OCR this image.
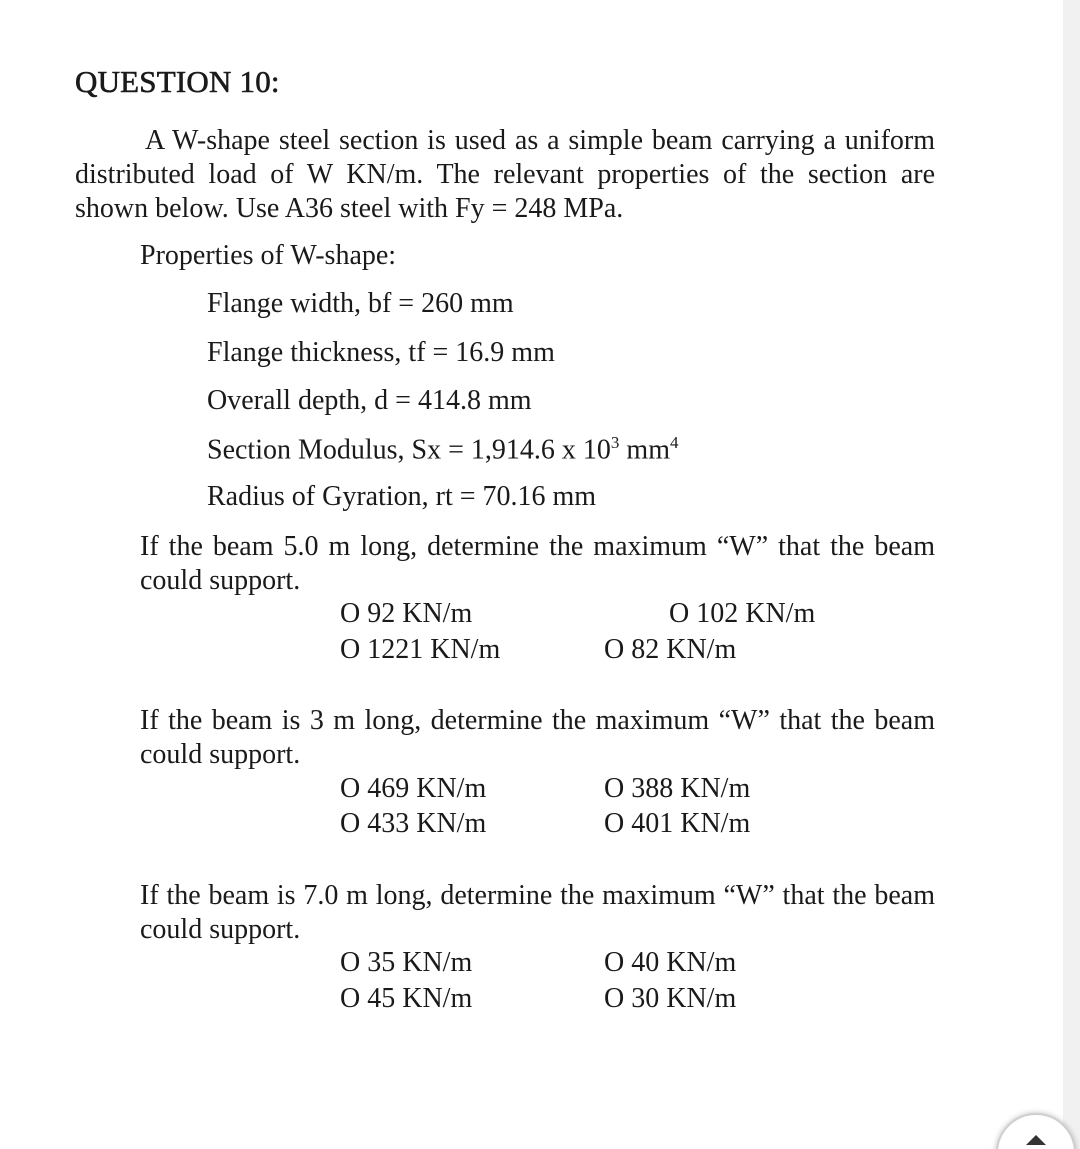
QUESTION 10:
A W-shape steel section is used as a simple beam carrying a uniform distributed load of W KN/m. The relevant properties of the section are shown below. Use A36 steel with Fy = 248 MPa.
Properties of W-shape:
Flange width, bf = 260 mm
Flange thickness, tf = 16.9 mm
Overall depth, d = 414.8 mm
Section Modulus, Sx = 1,914.6 x $10^3$ $mm^4$
Radius of Gyration, rt = 70.16 mm
If the beam 5.0 m long, determine the maximum “W” that the beam could support.
O 92 KN/m	O 102 KN/m
O 1221 KN/m	O 82 KN/m
If the beam is 3 m long, determine the maximum “W” that the beam could support.
O 469 KN/m	O 388 KN/m
O 433 KN/m	O 401 KN/m
If the beam is 7.0 m long, determine the maximum “W” that the beam could support.
O 35 KN/m	O 40 KN/m
O 45 KN/m	O 30 KN/m
